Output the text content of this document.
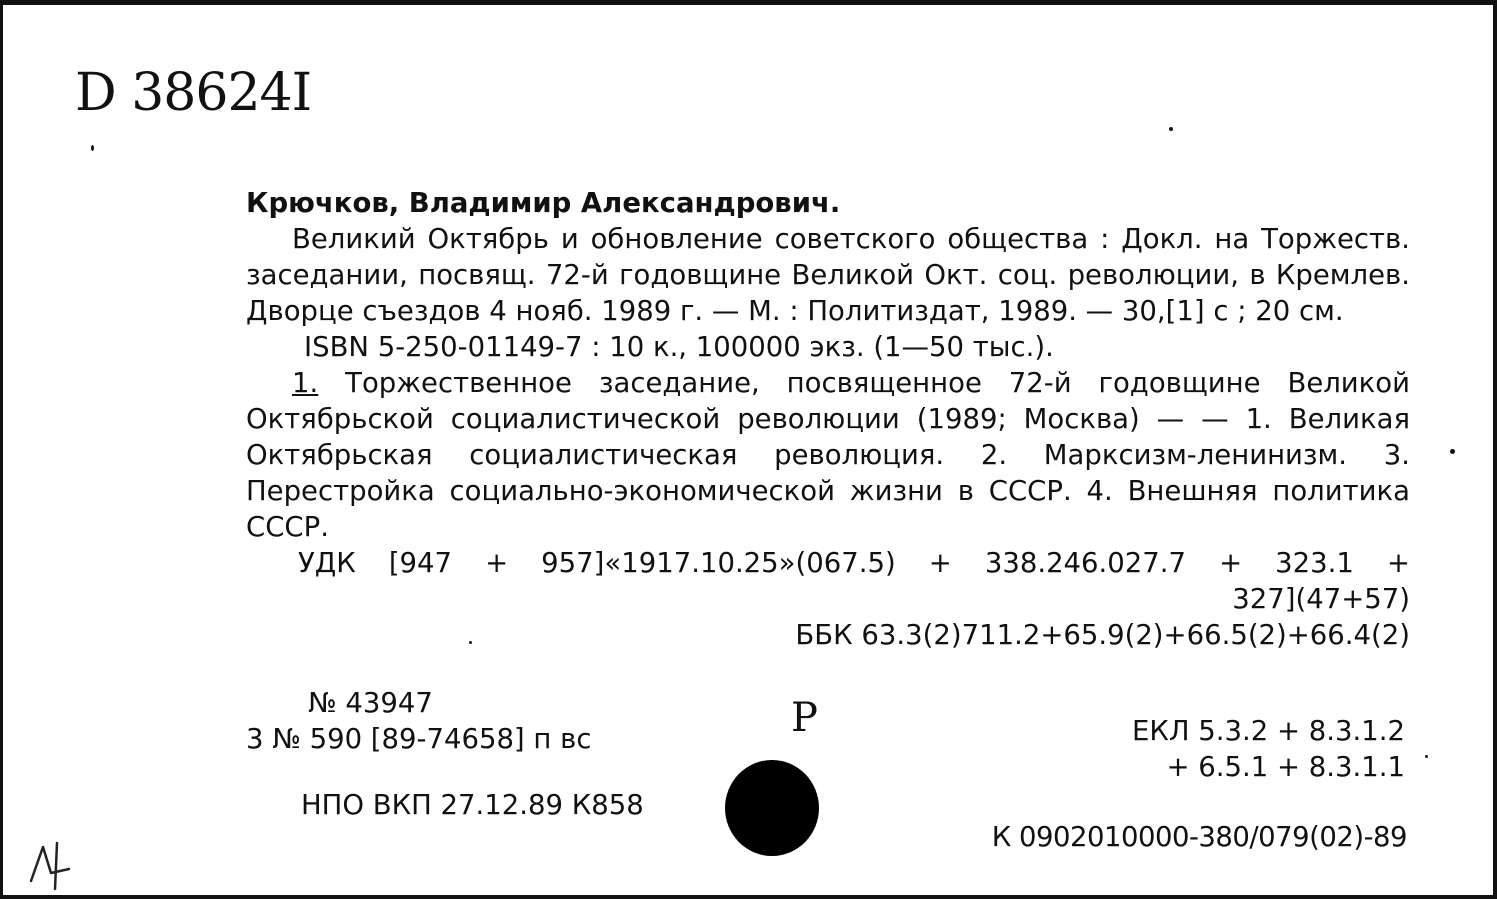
D 38624I
Крючков, Владимир Александрович.
Великий Октябрь и обновление советского общества : Докл. на Торжеств. заседании, посвящ. 72-й годовщине Великой Окт. соц. революции, в Кремлев. Дворце съездов 4 нояб. 1989 г. — М. : Политиздат, 1989. — 30,[1] с ; 20 см.
ISBN 5-250-01149-7 : 10 к., 100000 экз. (1—50 тыс.).
1. Торжественное заседание, посвященное 72-й годовщине Великой Октябрьской социалистической революции (1989; Москва) — — 1. Великая Октябрьская социалистическая революция. 2. Марксизм-ленинизм. 3. Перестройка социально-экономической жизни в СССР. 4. Внешняя политика СССР.
УДК [947 + 957]«1917.10.25»(067.5) + 338.246.027.7 + 323.1 +
327](47+57)
ББК 63.3(2)711.2+65.9(2)+66.5(2)+66.4(2)
№ 43947
3 № 590 [89-74658] п вс	Р
НПО ВКП 27.12.89 К858
ЕКЛ 5.3.2 + 8.3.1.2
+ 6.5.1 + 8.3.1.1
К 0902010000-380/079(02)-89
